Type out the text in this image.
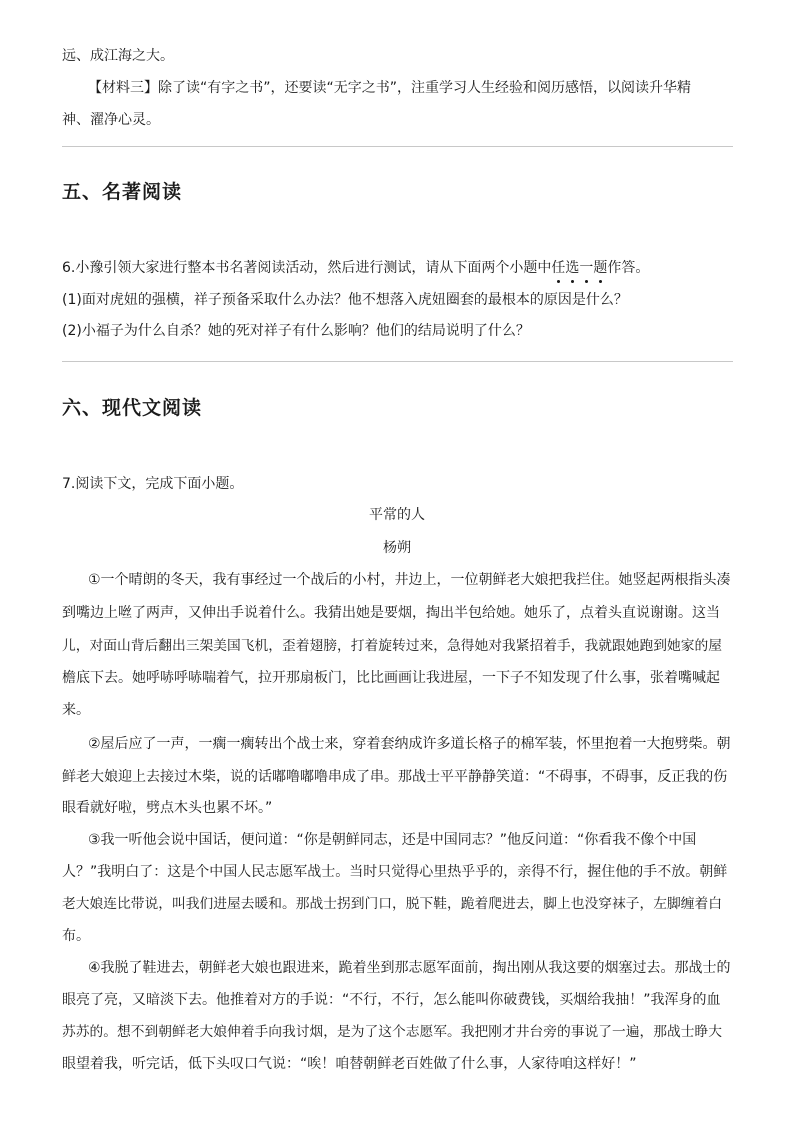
远、成江海之大。
【材料三】除了读“有字之书”，还要读“无字之书”，注重学习人生经验和阅历感悟，以阅读升华精
神、濯净心灵。
五、名著阅读
6.小豫引领大家进行整本书名著阅读活动，然后进行测试，请从下面两个小题中任选一题作答。
(1)面对虎妞的强横，祥子预备采取什么办法？他不想落入虎妞圈套的最根本的原因是什么？
(2)小福子为什么自杀？她的死对祥子有什么影响？他们的结局说明了什么？
六、现代文阅读
7.阅读下文，完成下面小题。
平常的人
杨朔
①一个晴朗的冬天，我有事经过一个战后的小村，井边上，一位朝鲜老大娘把我拦住。她竖起两根指头凑
到嘴边上咝了两声，又伸出手说着什么。我猜出她是要烟，掏出半包给她。她乐了，点着头直说谢谢。这当
儿，对面山背后翻出三架美国飞机，歪着翅膀，打着旋转过来，急得她对我紧招着手，我就跟她跑到她家的屋
檐底下去。她呼哧呼哧喘着气，拉开那扇板门，比比画画让我进屋，一下子不知发现了什么事，张着嘴喊起
来。
②屋后应了一声，一瘸一瘸转出个战士来，穿着套纳成许多道长格子的棉军装，怀里抱着一大抱劈柴。朝
鲜老大娘迎上去接过木柴，说的话嘟噜嘟噜串成了串。那战士平平静静笑道：“不碍事，不碍事，反正我的伤
眼看就好啦，劈点木头也累不坏。”
③我一听他会说中国话，便问道：“你是朝鲜同志，还是中国同志？”他反问道：“你看我不像个中国
人？”我明白了：这是个中国人民志愿军战士。当时只觉得心里热乎乎的，亲得不行，握住他的手不放。朝鲜
老大娘连比带说，叫我们进屋去暖和。那战士拐到门口，脱下鞋，跪着爬进去，脚上也没穿袜子，左脚缠着白
布。
④我脱了鞋进去，朝鲜老大娘也跟进来，跪着坐到那志愿军面前，掏出刚从我这要的烟塞过去。那战士的
眼亮了亮，又暗淡下去。他推着对方的手说：“不行，不行，怎么能叫你破费钱，买烟给我抽！”我浑身的血
苏苏的。想不到朝鲜老大娘伸着手向我讨烟，是为了这个志愿军。我把刚才井台旁的事说了一遍，那战士睁大
眼望着我，听完话，低下头叹口气说：“唉！咱替朝鲜老百姓做了什么事，人家待咱这样好！”
